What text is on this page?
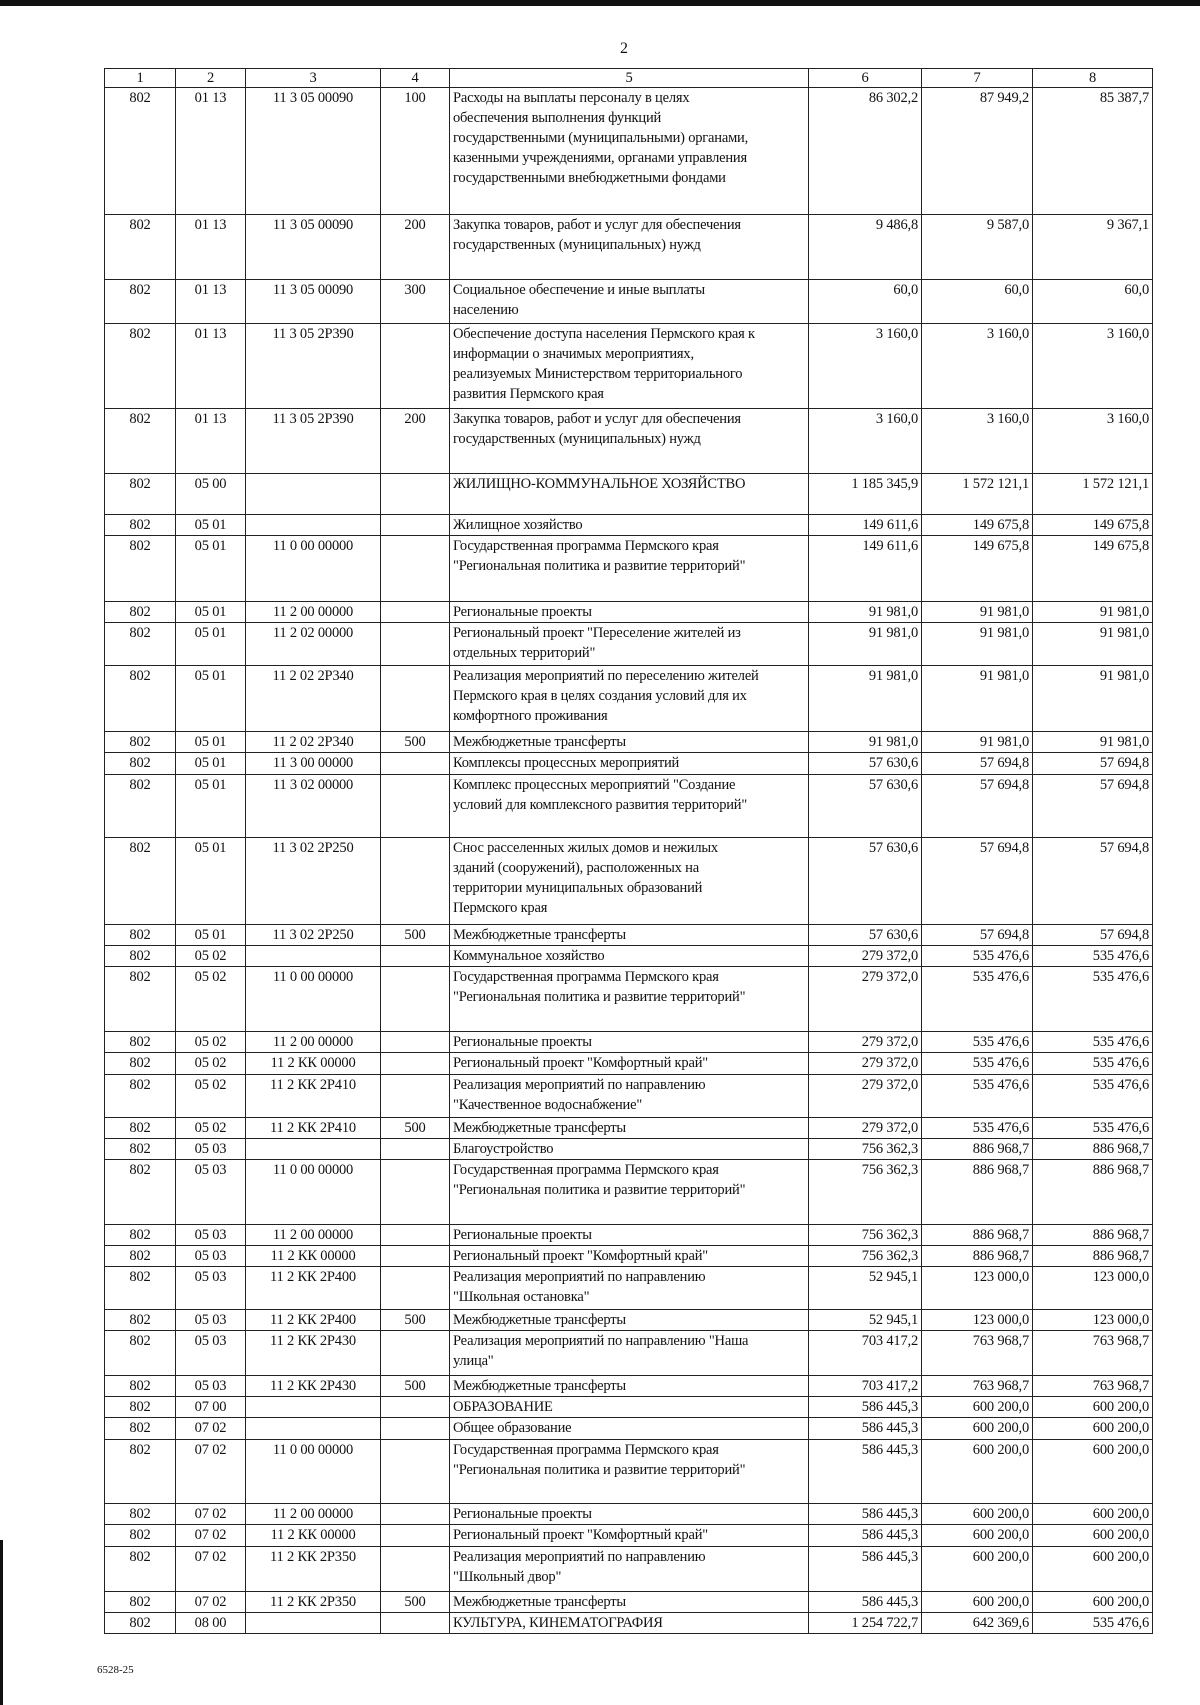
2
1	2	3	4	5	6	7	8
802	01 13	11 3 05 00090	100	Расходы на выплаты персоналу в целях
обеспечения выполнения функций
государственными (муниципальными) органами,
казенными учреждениями, органами управления
государственными внебюджетными фондами	86 302,2	87 949,2	85 387,7
802	01 13	11 3 05 00090	200	Закупка товаров, работ и услуг для обеспечения
государственных (муниципальных) нужд	9 486,8	9 587,0	9 367,1
802	01 13	11 3 05 00090	300	Социальное обеспечение и иные выплаты
населению	60,0	60,0	60,0
802	01 13	11 3 05 2Р390		Обеспечение доступа населения Пермского края к
информации о значимых мероприятиях,
реализуемых Министерством территориального
развития Пермского края	3 160,0	3 160,0	3 160,0
802	01 13	11 3 05 2Р390	200	Закупка товаров, работ и услуг для обеспечения
государственных (муниципальных) нужд	3 160,0	3 160,0	3 160,0
802	05 00			ЖИЛИЩНО-КОММУНАЛЬНОЕ ХОЗЯЙСТВО	1 185 345,9	1 572 121,1	1 572 121,1
802	05 01			Жилищное хозяйство	149 611,6	149 675,8	149 675,8
802	05 01	11 0 00 00000		Государственная программа Пермского края
"Региональная политика и развитие территорий"	149 611,6	149 675,8	149 675,8
802	05 01	11 2 00 00000		Региональные проекты	91 981,0	91 981,0	91 981,0
802	05 01	11 2 02 00000		Региональный проект "Переселение жителей из
отдельных территорий"	91 981,0	91 981,0	91 981,0
802	05 01	11 2 02 2Р340		Реализация мероприятий по переселению жителей
Пермского края в целях создания условий для их
комфортного проживания	91 981,0	91 981,0	91 981,0
802	05 01	11 2 02 2Р340	500	Межбюджетные трансферты	91 981,0	91 981,0	91 981,0
802	05 01	11 3 00 00000		Комплексы процессных мероприятий	57 630,6	57 694,8	57 694,8
802	05 01	11 3 02 00000		Комплекс процессных мероприятий "Создание
условий для комплексного развития территорий"	57 630,6	57 694,8	57 694,8
802	05 01	11 3 02 2Р250		Снос расселенных жилых домов и нежилых
зданий (сооружений), расположенных на
территории муниципальных образований
Пермского края	57 630,6	57 694,8	57 694,8
802	05 01	11 3 02 2Р250	500	Межбюджетные трансферты	57 630,6	57 694,8	57 694,8
802	05 02			Коммунальное хозяйство	279 372,0	535 476,6	535 476,6
802	05 02	11 0 00 00000		Государственная программа Пермского края
"Региональная политика и развитие территорий"	279 372,0	535 476,6	535 476,6
802	05 02	11 2 00 00000		Региональные проекты	279 372,0	535 476,6	535 476,6
802	05 02	11 2 КК 00000		Региональный проект "Комфортный край"	279 372,0	535 476,6	535 476,6
802	05 02	11 2 КК 2Р410		Реализация мероприятий по направлению
"Качественное водоснабжение"	279 372,0	535 476,6	535 476,6
802	05 02	11 2 КК 2Р410	500	Межбюджетные трансферты	279 372,0	535 476,6	535 476,6
802	05 03			Благоустройство	756 362,3	886 968,7	886 968,7
802	05 03	11 0 00 00000		Государственная программа Пермского края
"Региональная политика и развитие территорий"	756 362,3	886 968,7	886 968,7
802	05 03	11 2 00 00000		Региональные проекты	756 362,3	886 968,7	886 968,7
802	05 03	11 2 КК 00000		Региональный проект "Комфортный край"	756 362,3	886 968,7	886 968,7
802	05 03	11 2 КК 2Р400		Реализация мероприятий по направлению
"Школьная остановка"	52 945,1	123 000,0	123 000,0
802	05 03	11 2 КК 2Р400	500	Межбюджетные трансферты	52 945,1	123 000,0	123 000,0
802	05 03	11 2 КК 2Р430		Реализация мероприятий по направлению "Наша
улица"	703 417,2	763 968,7	763 968,7
802	05 03	11 2 КК 2Р430	500	Межбюджетные трансферты	703 417,2	763 968,7	763 968,7
802	07 00			ОБРАЗОВАНИЕ	586 445,3	600 200,0	600 200,0
802	07 02			Общее образование	586 445,3	600 200,0	600 200,0
802	07 02	11 0 00 00000		Государственная программа Пермского края
"Региональная политика и развитие территорий"	586 445,3	600 200,0	600 200,0
802	07 02	11 2 00 00000		Региональные проекты	586 445,3	600 200,0	600 200,0
802	07 02	11 2 КК 00000		Региональный проект "Комфортный край"	586 445,3	600 200,0	600 200,0
802	07 02	11 2 КК 2Р350		Реализация мероприятий по направлению
"Школьный двор"	586 445,3	600 200,0	600 200,0
802	07 02	11 2 КК 2Р350	500	Межбюджетные трансферты	586 445,3	600 200,0	600 200,0
802	08 00			КУЛЬТУРА, КИНЕМАТОГРАФИЯ	1 254 722,7	642 369,6	535 476,6
6528-25
